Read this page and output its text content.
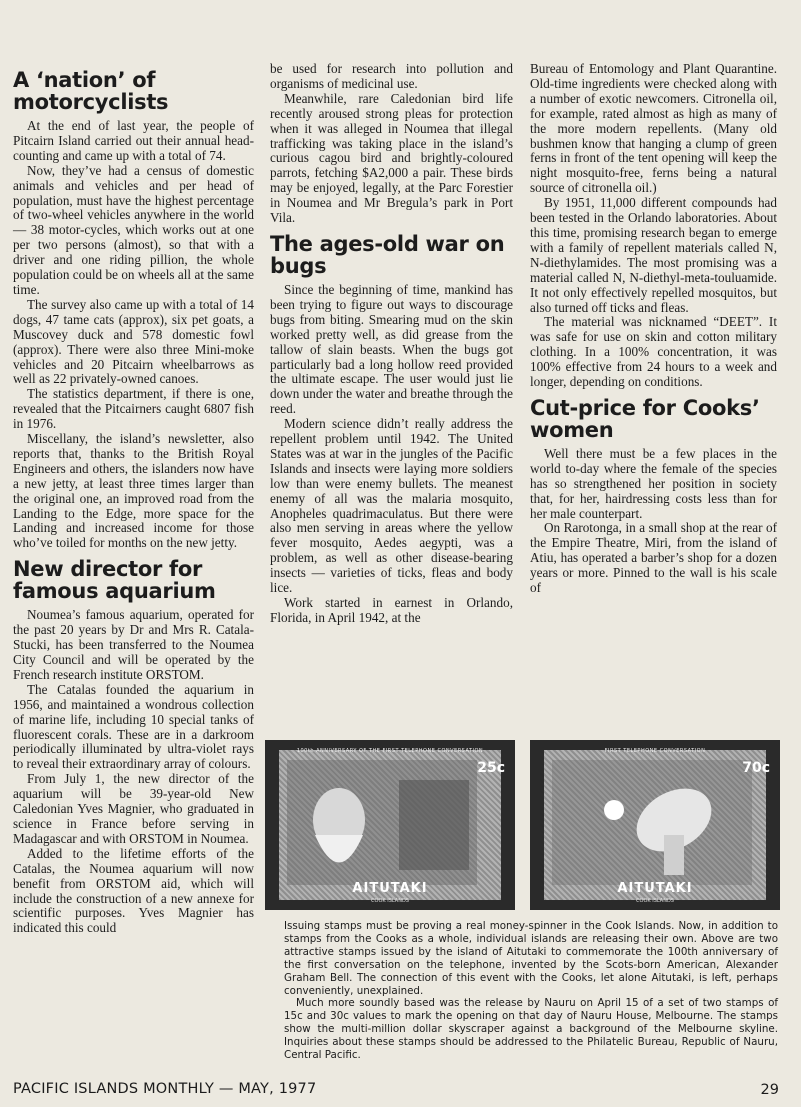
A ‘nation’ of motorcyclists

At the end of last year, the people of Pitcairn Island carried out their annual head-counting and came up with a total of 74.

Now, they’ve had a census of domestic animals and vehicles and per head of population, must have the highest percentage of two-wheel vehicles anywhere in the world — 38 motor-cycles, which works out at one per two persons (almost), so that with a driver and one riding pillion, the whole population could be on wheels all at the same time.

The survey also came up with a total of 14 dogs, 47 tame cats (approx), six pet goats, a Muscovey duck and 578 domestic fowl (approx). There were also three Mini-moke vehicles and 20 Pitcairn wheelbarrows as well as 22 privately-owned canoes.

The statistics department, if there is one, revealed that the Pitcairners caught 6807 fish in 1976.

Miscellany, the island’s newsletter, also reports that, thanks to the British Royal Engineers and others, the islanders now have a new jetty, at least three times larger than the original one, an improved road from the Landing to the Edge, more space for the Landing and increased income for those who’ve toiled for months on the new jetty.

New director for famous aquarium

Noumea’s famous aquarium, operated for the past 20 years by Dr and Mrs R. Catala-Stucki, has been transferred to the Noumea City Council and will be operated by the French research institute ORSTOM.

The Catalas founded the aquarium in 1956, and maintained a wondrous collection of marine life, including 10 special tanks of fluorescent corals. These are in a darkroom periodically illuminated by ultra-violet rays to reveal their extraordinary array of colours.

From July 1, the new director of the aquarium will be 39-year-old New Caledonian Yves Magnier, who graduated in science in France before serving in Madagascar and with ORSTOM in Noumea.

Added to the lifetime efforts of the Catalas, the Noumea aquarium will now benefit from ORSTOM aid, which will include the construction of a new annexe for scientific purposes. Yves Magnier has indicated this could

be used for research into pollution and organisms of medicinal use.

Meanwhile, rare Caledonian bird life recently aroused strong pleas for protection when it was alleged in Noumea that illegal trafficking was taking place in the island’s curious cagou bird and brightly-coloured parrots, fetching $A2,000 a pair. These birds may be enjoyed, legally, at the Parc Forestier in Noumea and Mr Bregula’s park in Port Vila.

The ages-old war on bugs

Since the beginning of time, mankind has been trying to figure out ways to discourage bugs from biting. Smearing mud on the skin worked pretty well, as did grease from the tallow of slain beasts. When the bugs got particularly bad a long hollow reed provided the ultimate escape. The user would just lie down under the water and breathe through the reed.

Modern science didn’t really address the repellent problem until 1942. The United States was at war in the jungles of the Pacific Islands and insects were laying more soldiers low than were enemy bullets. The meanest enemy of all was the malaria mosquito, Anopheles quadrimaculatus. But there were also men serving in areas where the yellow fever mosquito, Aedes aegypti, was a problem, as well as other disease-bearing insects — varieties of ticks, fleas and body lice.

Work started in earnest in Orlando, Florida, in April 1942, at the

Bureau of Entomology and Plant Quarantine. Old-time ingredients were checked along with a number of exotic newcomers. Citronella oil, for example, rated almost as high as many of the more modern repellents. (Many old bushmen know that hanging a clump of green ferns in front of the tent opening will keep the night mosquito-free, ferns being a natural source of citronella oil.)

By 1951, 11,000 different compounds had been tested in the Orlando laboratories. About this time, promising research began to emerge with a family of repellent materials called N, N-diethylamides. The most promising was a material called N, N-diethyl-meta-touluamide. It not only effectively repelled mosquitos, but also turned off ticks and fleas.

The material was nicknamed “DEET”. It was safe for use on skin and cotton military clothing. In a 100% concentration, it was 100% effective from 24 hours to a week and longer, depending on conditions.

Cut-price for Cooks’ women

Well there must be a few places in the world to-day where the female of the species has so strengthened her position in society that, for her, hairdressing costs less than for her male counterpart.

On Rarotonga, in a small shop at the rear of the Empire Theatre, Miri, from the island of Atiu, has operated a barber’s shop for a dozen years or more. Pinned to the wall is his scale of

100th ANNIVERSARY OF THE FIRST TELEPHONE CONVERSATION
25c
AITUTAKI
COOK ISLANDS
FIRST TELEPHONE CONVERSATION
70c
AITUTAKI
COOK ISLANDS

Issuing stamps must be proving a real money-spinner in the Cook Islands. Now, in addition to stamps from the Cooks as a whole, individual islands are releasing their own. Above are two attractive stamps issued by the island of Aitutaki to commemorate the 100th anniversary of the first conversation on the telephone, invented by the Scots-born American, Alexander Graham Bell. The connection of this event with the Cooks, let alone Aitutaki, is left, perhaps conveniently, unexplained.

Much more soundly based was the release by Nauru on April 15 of a set of two stamps of 15c and 30c values to mark the opening on that day of Nauru House, Melbourne. The stamps show the multi-million dollar skyscraper against a background of the Melbourne skyline. Inquiries about these stamps should be addressed to the Philatelic Bureau, Republic of Nauru, Central Pacific.

PACIFIC ISLANDS MONTHLY — MAY, 1977	29
